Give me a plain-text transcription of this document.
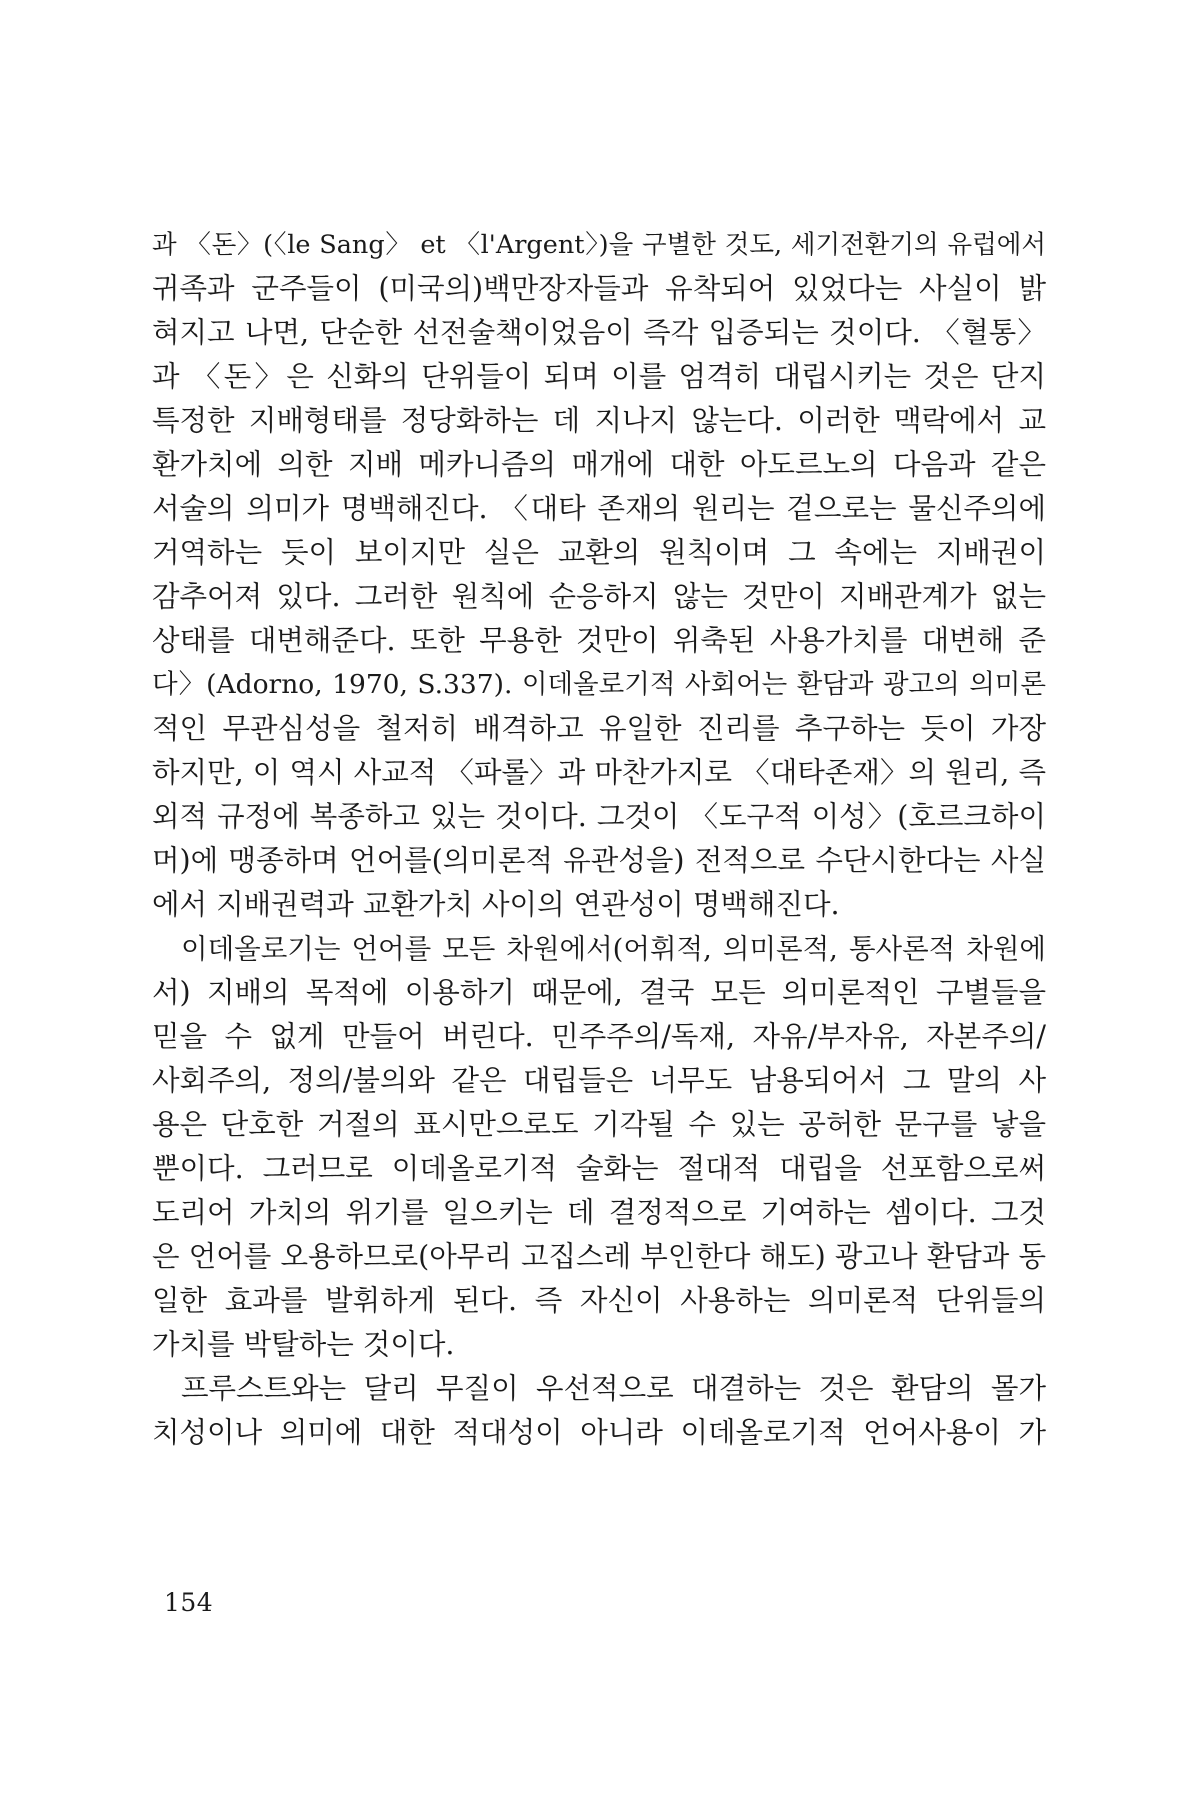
과 〈돈〉(〈le Sang〉 et 〈l'Argent〉)을 구별한 것도, 세기전환기의 유럽에서
귀족과 군주들이 (미국의)백만장자들과 유착되어 있었다는 사실이 밝
혀지고 나면, 단순한 선전술책이었음이 즉각 입증되는 것이다. 〈혈통〉
과 〈돈〉은 신화의 단위들이 되며 이를 엄격히 대립시키는 것은 단지
특정한 지배형태를 정당화하는 데 지나지 않는다. 이러한 맥락에서 교
환가치에 의한 지배 메카니즘의 매개에 대한 아도르노의 다음과 같은
서술의 의미가 명백해진다. 〈대타 존재의 원리는 겉으로는 물신주의에
거역하는 듯이 보이지만 실은 교환의 원칙이며 그 속에는 지배권이
감추어져 있다. 그러한 원칙에 순응하지 않는 것만이 지배관계가 없는
상태를 대변해준다. 또한 무용한 것만이 위축된 사용가치를 대변해 준
다〉(Adorno, 1970, S.337). 이데올로기적 사회어는 환담과 광고의 의미론
적인 무관심성을 철저히 배격하고 유일한 진리를 추구하는 듯이 가장
하지만, 이 역시 사교적 〈파롤〉과 마찬가지로 〈대타존재〉의 원리, 즉
외적 규정에 복종하고 있는 것이다. 그것이 〈도구적 이성〉(호르크하이
머)에 맹종하며 언어를(의미론적 유관성을) 전적으로 수단시한다는 사실
에서 지배권력과 교환가치 사이의 연관성이 명백해진다.
이데올로기는 언어를 모든 차원에서(어휘적, 의미론적, 통사론적 차원에
서) 지배의 목적에 이용하기 때문에, 결국 모든 의미론적인 구별들을
믿을 수 없게 만들어 버린다. 민주주의/독재, 자유/부자유, 자본주의/
사회주의, 정의/불의와 같은 대립들은 너무도 남용되어서 그 말의 사
용은 단호한 거절의 표시만으로도 기각될 수 있는 공허한 문구를 낳을
뿐이다. 그러므로 이데올로기적 술화는 절대적 대립을 선포함으로써
도리어 가치의 위기를 일으키는 데 결정적으로 기여하는 셈이다. 그것
은 언어를 오용하므로(아무리 고집스레 부인한다 해도) 광고나 환담과 동
일한 효과를 발휘하게 된다. 즉 자신이 사용하는 의미론적 단위들의
가치를 박탈하는 것이다.
프루스트와는 달리 무질이 우선적으로 대결하는 것은 환담의 몰가
치성이나 의미에 대한 적대성이 아니라 이데올로기적 언어사용이 가
154
